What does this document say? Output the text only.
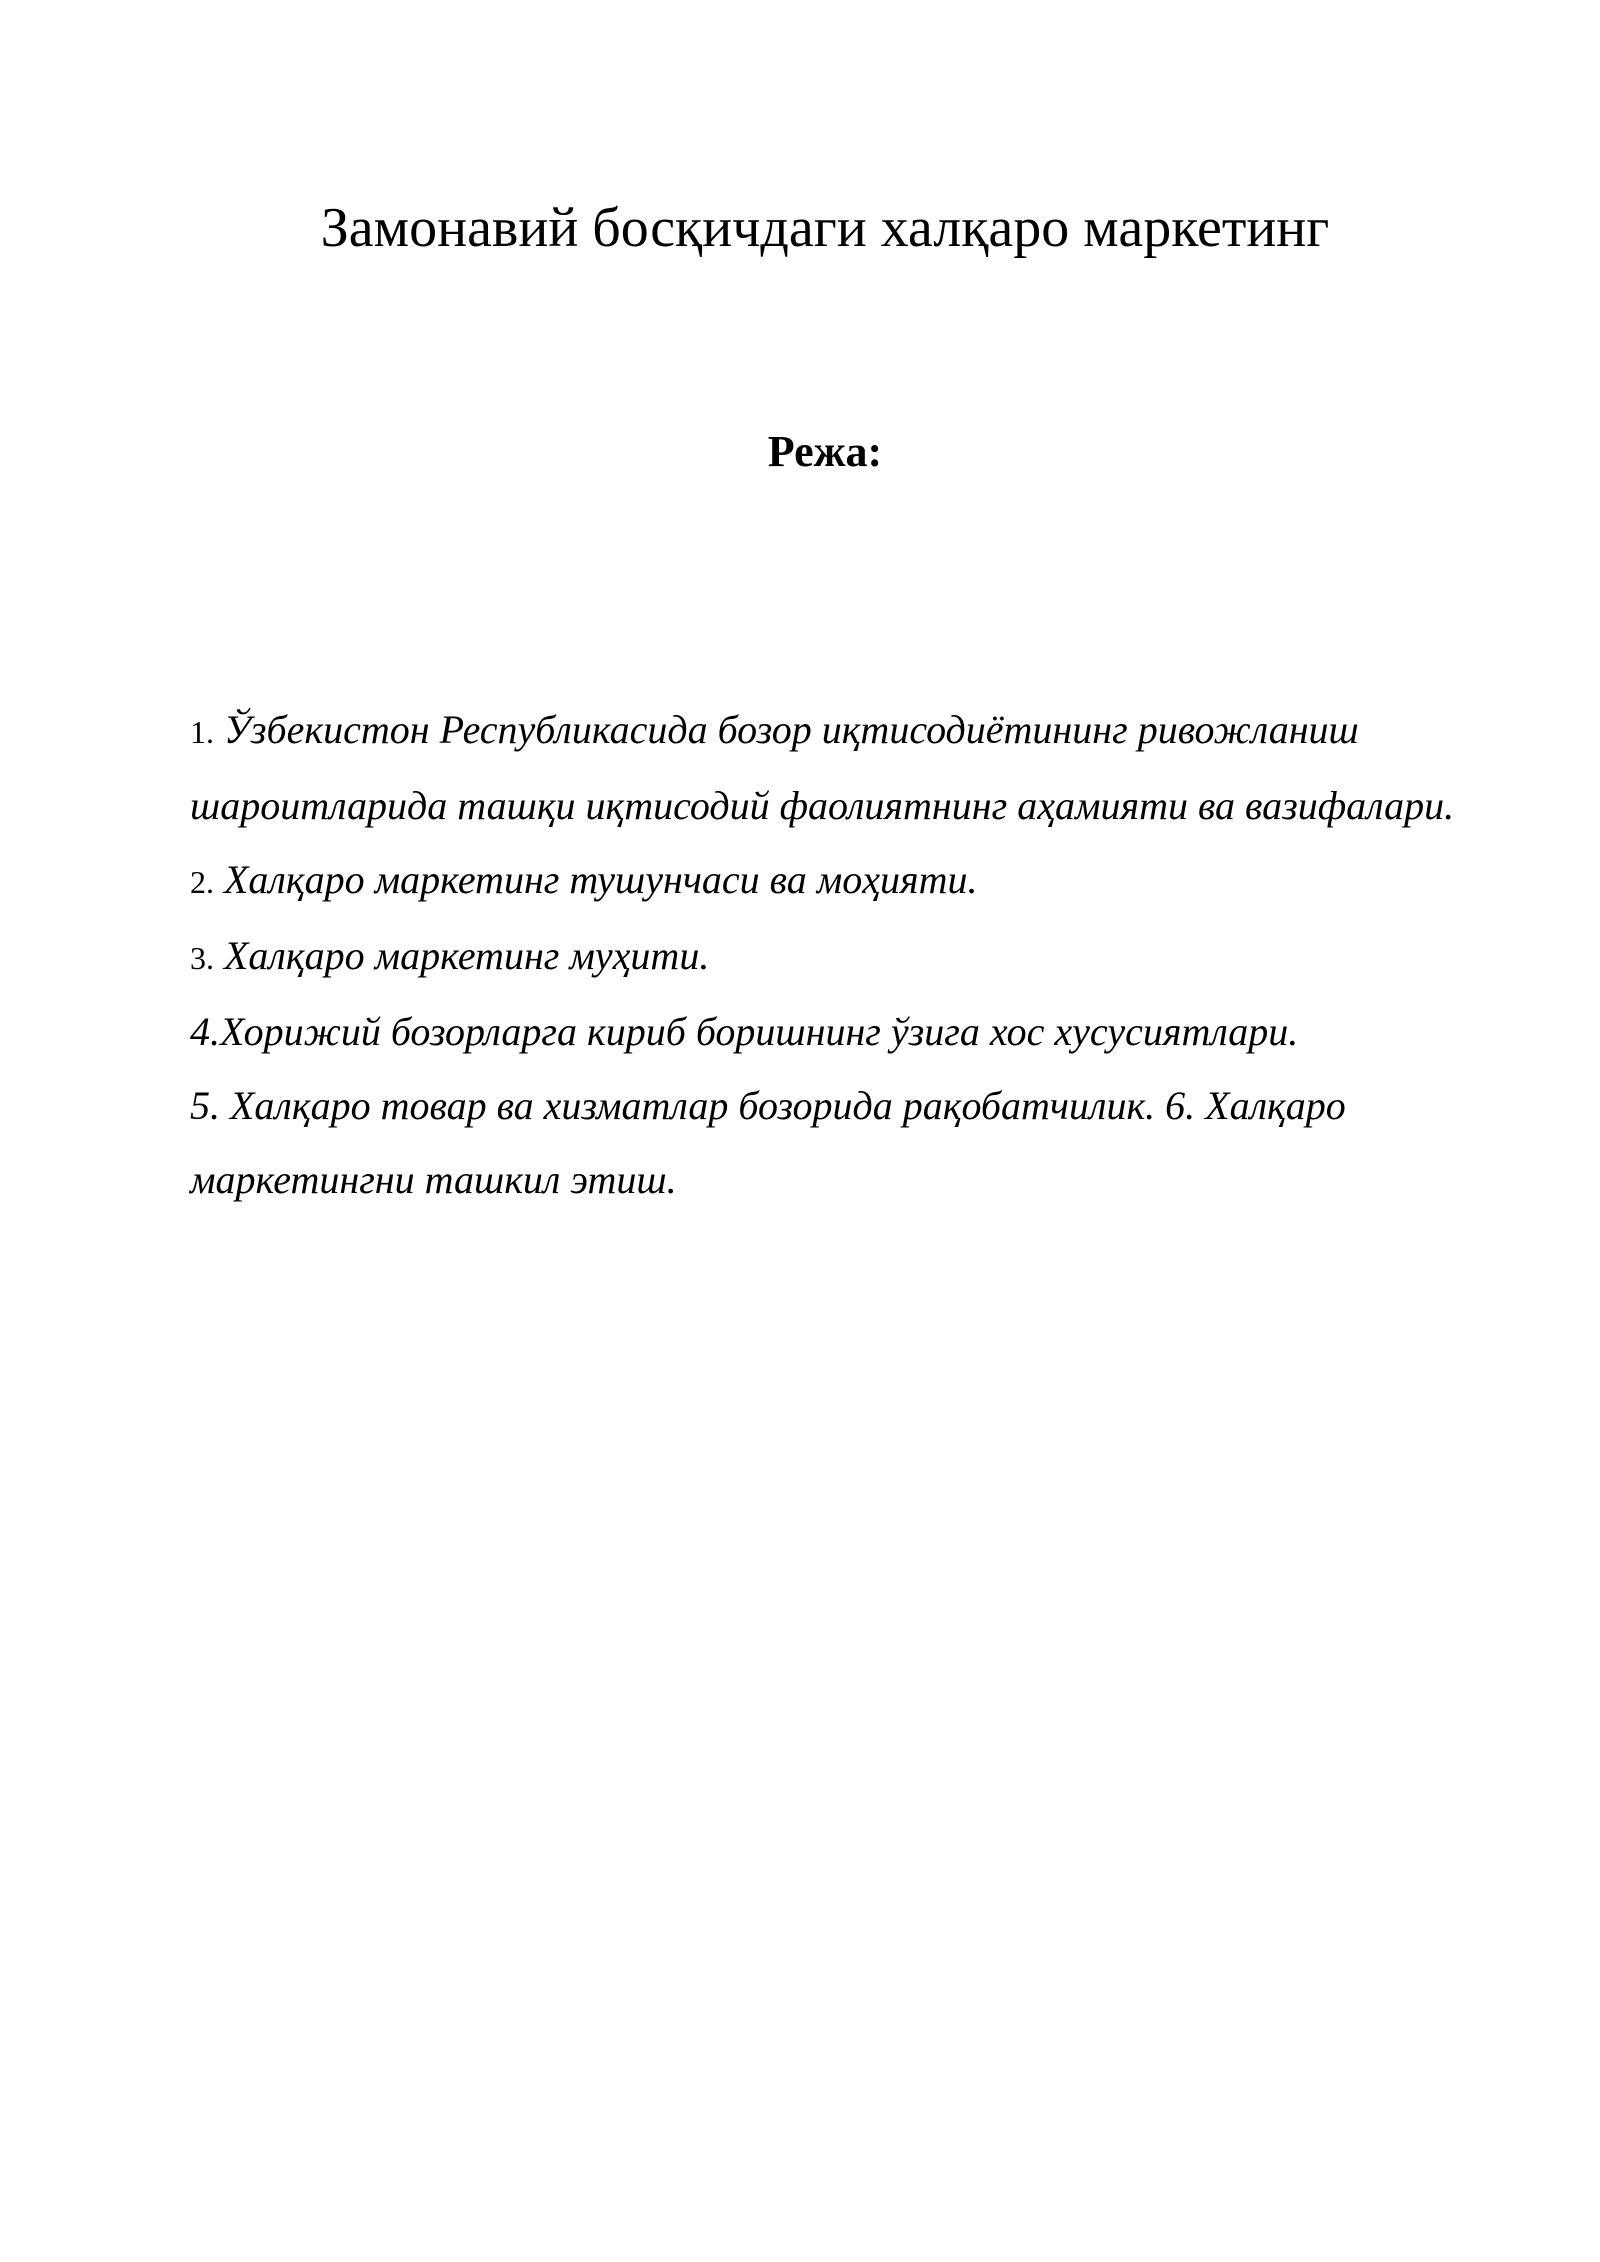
Замонавий босқичдаги халқаро маркетинг
Режа:
1. Ўзбекистон Республикасида бозор иқтисодиётининг ривожланиш шароитларида ташқи иқтисодий фаолиятнинг аҳамияти ва вазифалари.
2. Халқаро маркетинг тушунчаси ва моҳияти.
3. Халқаро маркетинг муҳити.
4.Хорижий бозорларга кириб боришнинг ўзига хос хусусиятлари.
5. Халқаро товар ва хизматлар бозорида рақобатчилик. 6. Халқаро маркетингни ташкил этиш.
